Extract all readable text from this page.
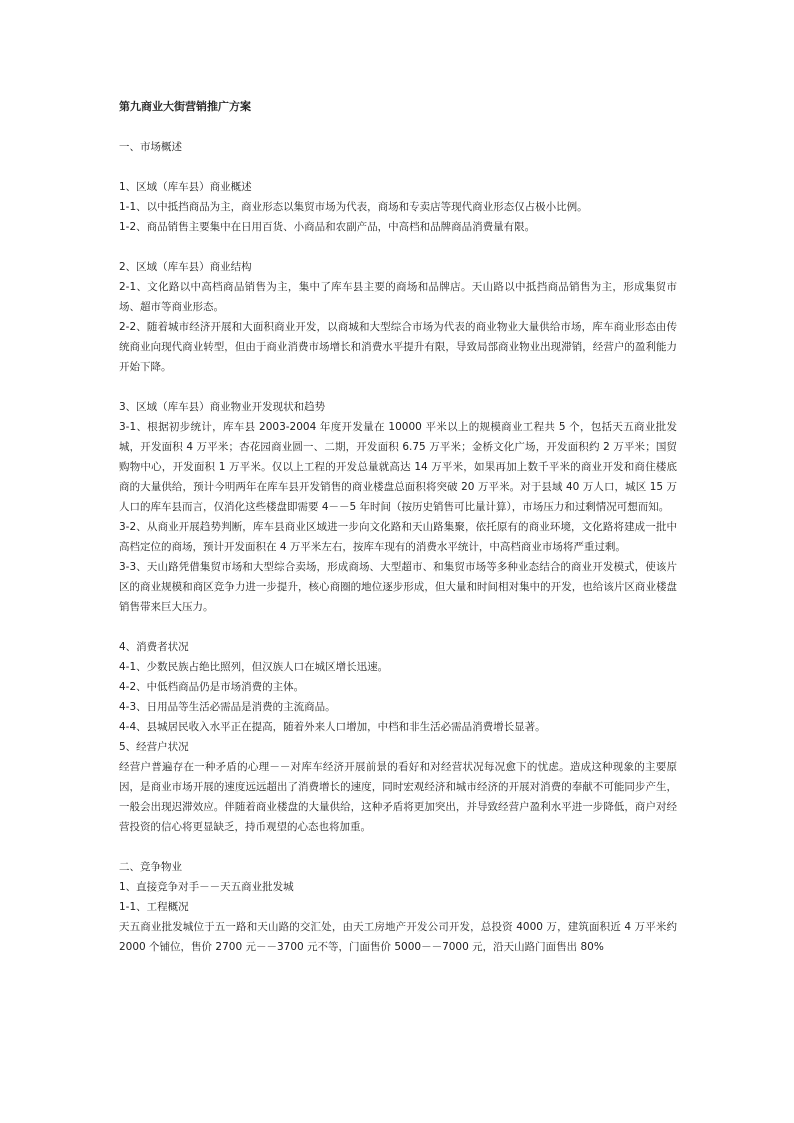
第九商业大街营销推广方案
一、市场概述
1、区域（库车县）商业概述
1-1、以中抵挡商品为主，商业形态以集贸市场为代表，商场和专卖店等现代商业形态仅占极小比例。
1-2、商品销售主要集中在日用百货、小商品和农副产品，中高档和品牌商品消费量有限。
2、区域（库车县）商业结构
2-1、文化路以中高档商品销售为主，集中了库车县主要的商场和品牌店。天山路以中抵挡商品销售为主，形成集贸市场、超市等商业形态。
2-2、随着城市经济开展和大面积商业开发，以商城和大型综合市场为代表的商业物业大量供给市场，库车商业形态由传统商业向现代商业转型，但由于商业消费市场增长和消费水平提升有限，导致局部商业物业出现滞销，经营户的盈利能力开始下降。
3、区域（库车县）商业物业开发现状和趋势
3-1、根据初步统计，库车县 2003-2004 年度开发量在 10000 平米以上的规模商业工程共 5 个，包括天五商业批发城，开发面积 4 万平米；杏花园商业圆一、二期，开发面积 6.75 万平米；金桥文化广场，开发面积约 2 万平米；国贸购物中心，开发面积 1 万平米。仅以上工程的开发总量就高达 14 万平米，如果再加上数千平米的商业开发和商住楼底商的大量供给，预计今明两年在库车县开发销售的商业楼盘总面积将突破 20 万平米。对于县域 40 万人口，城区 15 万人口的库车县而言，仅消化这些楼盘即需要 4－－5 年时间（按历史销售可比量计算），市场压力和过剩情况可想而知。
3-2、从商业开展趋势判断，库车县商业区域进一步向文化路和天山路集聚，依托原有的商业环境，文化路将建成一批中高档定位的商场，预计开发面积在 4 万平米左右，按库车现有的消费水平统计，中高档商业市场将严重过剩。
3-3、天山路凭借集贸市场和大型综合卖场，形成商场、大型超市、和集贸市场等多种业态结合的商业开发模式，使该片区的商业规模和商区竞争力进一步提升，核心商圈的地位逐步形成，但大量和时间相对集中的开发，也给该片区商业楼盘销售带来巨大压力。
4、消费者状况
4-1、少数民族占绝比照列，但汉族人口在城区增长迅速。
4-2、中低档商品仍是市场消费的主体。
4-3、日用品等生活必需品是消费的主流商品。
4-4、县城居民收入水平正在提高，随着外来人口增加，中档和非生活必需品消费增长显著。
5、经营户状况
经营户普遍存在一种矛盾的心理－－对库车经济开展前景的看好和对经营状况每况愈下的忧虑。造成这种现象的主要原因，是商业市场开展的速度远远超出了消费增长的速度，同时宏观经济和城市经济的开展对消费的奉献不可能同步产生，一般会出现迟滞效应。伴随着商业楼盘的大量供给，这种矛盾将更加突出，并导致经营户盈利水平进一步降低，商户对经营投资的信心将更显缺乏，持币观望的心态也将加重。
二、竞争物业
1、直接竞争对手－－天五商业批发城
1-1、工程概况
天五商业批发城位于五一路和天山路的交汇处，由天工房地产开发公司开发，总投资 4000 万，建筑面积近 4 万平米约 2000 个铺位，售价 2700 元－－3700 元不等，门面售价 5000－－7000 元，沿天山路门面售出 80%
